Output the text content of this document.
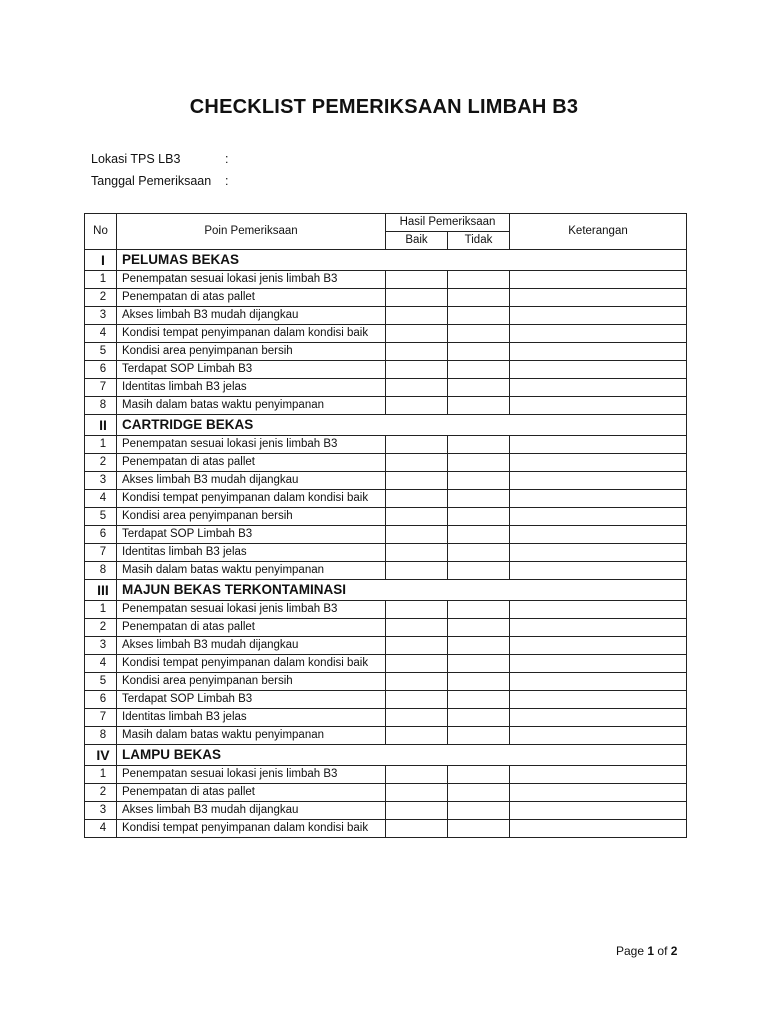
CHECKLIST PEMERIKSAAN LIMBAH B3
Lokasi TPS LB3	:
Tanggal Pemeriksaan :
No	Poin Pemeriksaan	Hasil Pemeriksaan		Keterangan
		Baik	Tidak	
I	PELUMAS BEKAS			
1	Penempatan sesuai lokasi jenis limbah B3			
2	Penempatan di atas pallet			
3	Akses limbah B3 mudah dijangkau			
4	Kondisi tempat penyimpanan dalam kondisi baik			
5	Kondisi area penyimpanan bersih			
6	Terdapat SOP Limbah B3			
7	Identitas limbah B3 jelas			
8	Masih dalam batas waktu penyimpanan			
II	CARTRIDGE BEKAS			
1	Penempatan sesuai lokasi jenis limbah B3			
2	Penempatan di atas pallet			
3	Akses limbah B3 mudah dijangkau			
4	Kondisi tempat penyimpanan dalam kondisi baik			
5	Kondisi area penyimpanan bersih			
6	Terdapat SOP Limbah B3			
7	Identitas limbah B3 jelas			
8	Masih dalam batas waktu penyimpanan			
III	MAJUN BEKAS TERKONTAMINASI			
1	Penempatan sesuai lokasi jenis limbah B3			
2	Penempatan di atas pallet			
3	Akses limbah B3 mudah dijangkau			
4	Kondisi tempat penyimpanan dalam kondisi baik			
5	Kondisi area penyimpanan bersih			
6	Terdapat SOP Limbah B3			
7	Identitas limbah B3 jelas			
8	Masih dalam batas waktu penyimpanan			
IV	LAMPU BEKAS			
1	Penempatan sesuai lokasi jenis limbah B3			
2	Penempatan di atas pallet			
3	Akses limbah B3 mudah dijangkau			
4	Kondisi tempat penyimpanan dalam kondisi baik			
Page 1 of 2
